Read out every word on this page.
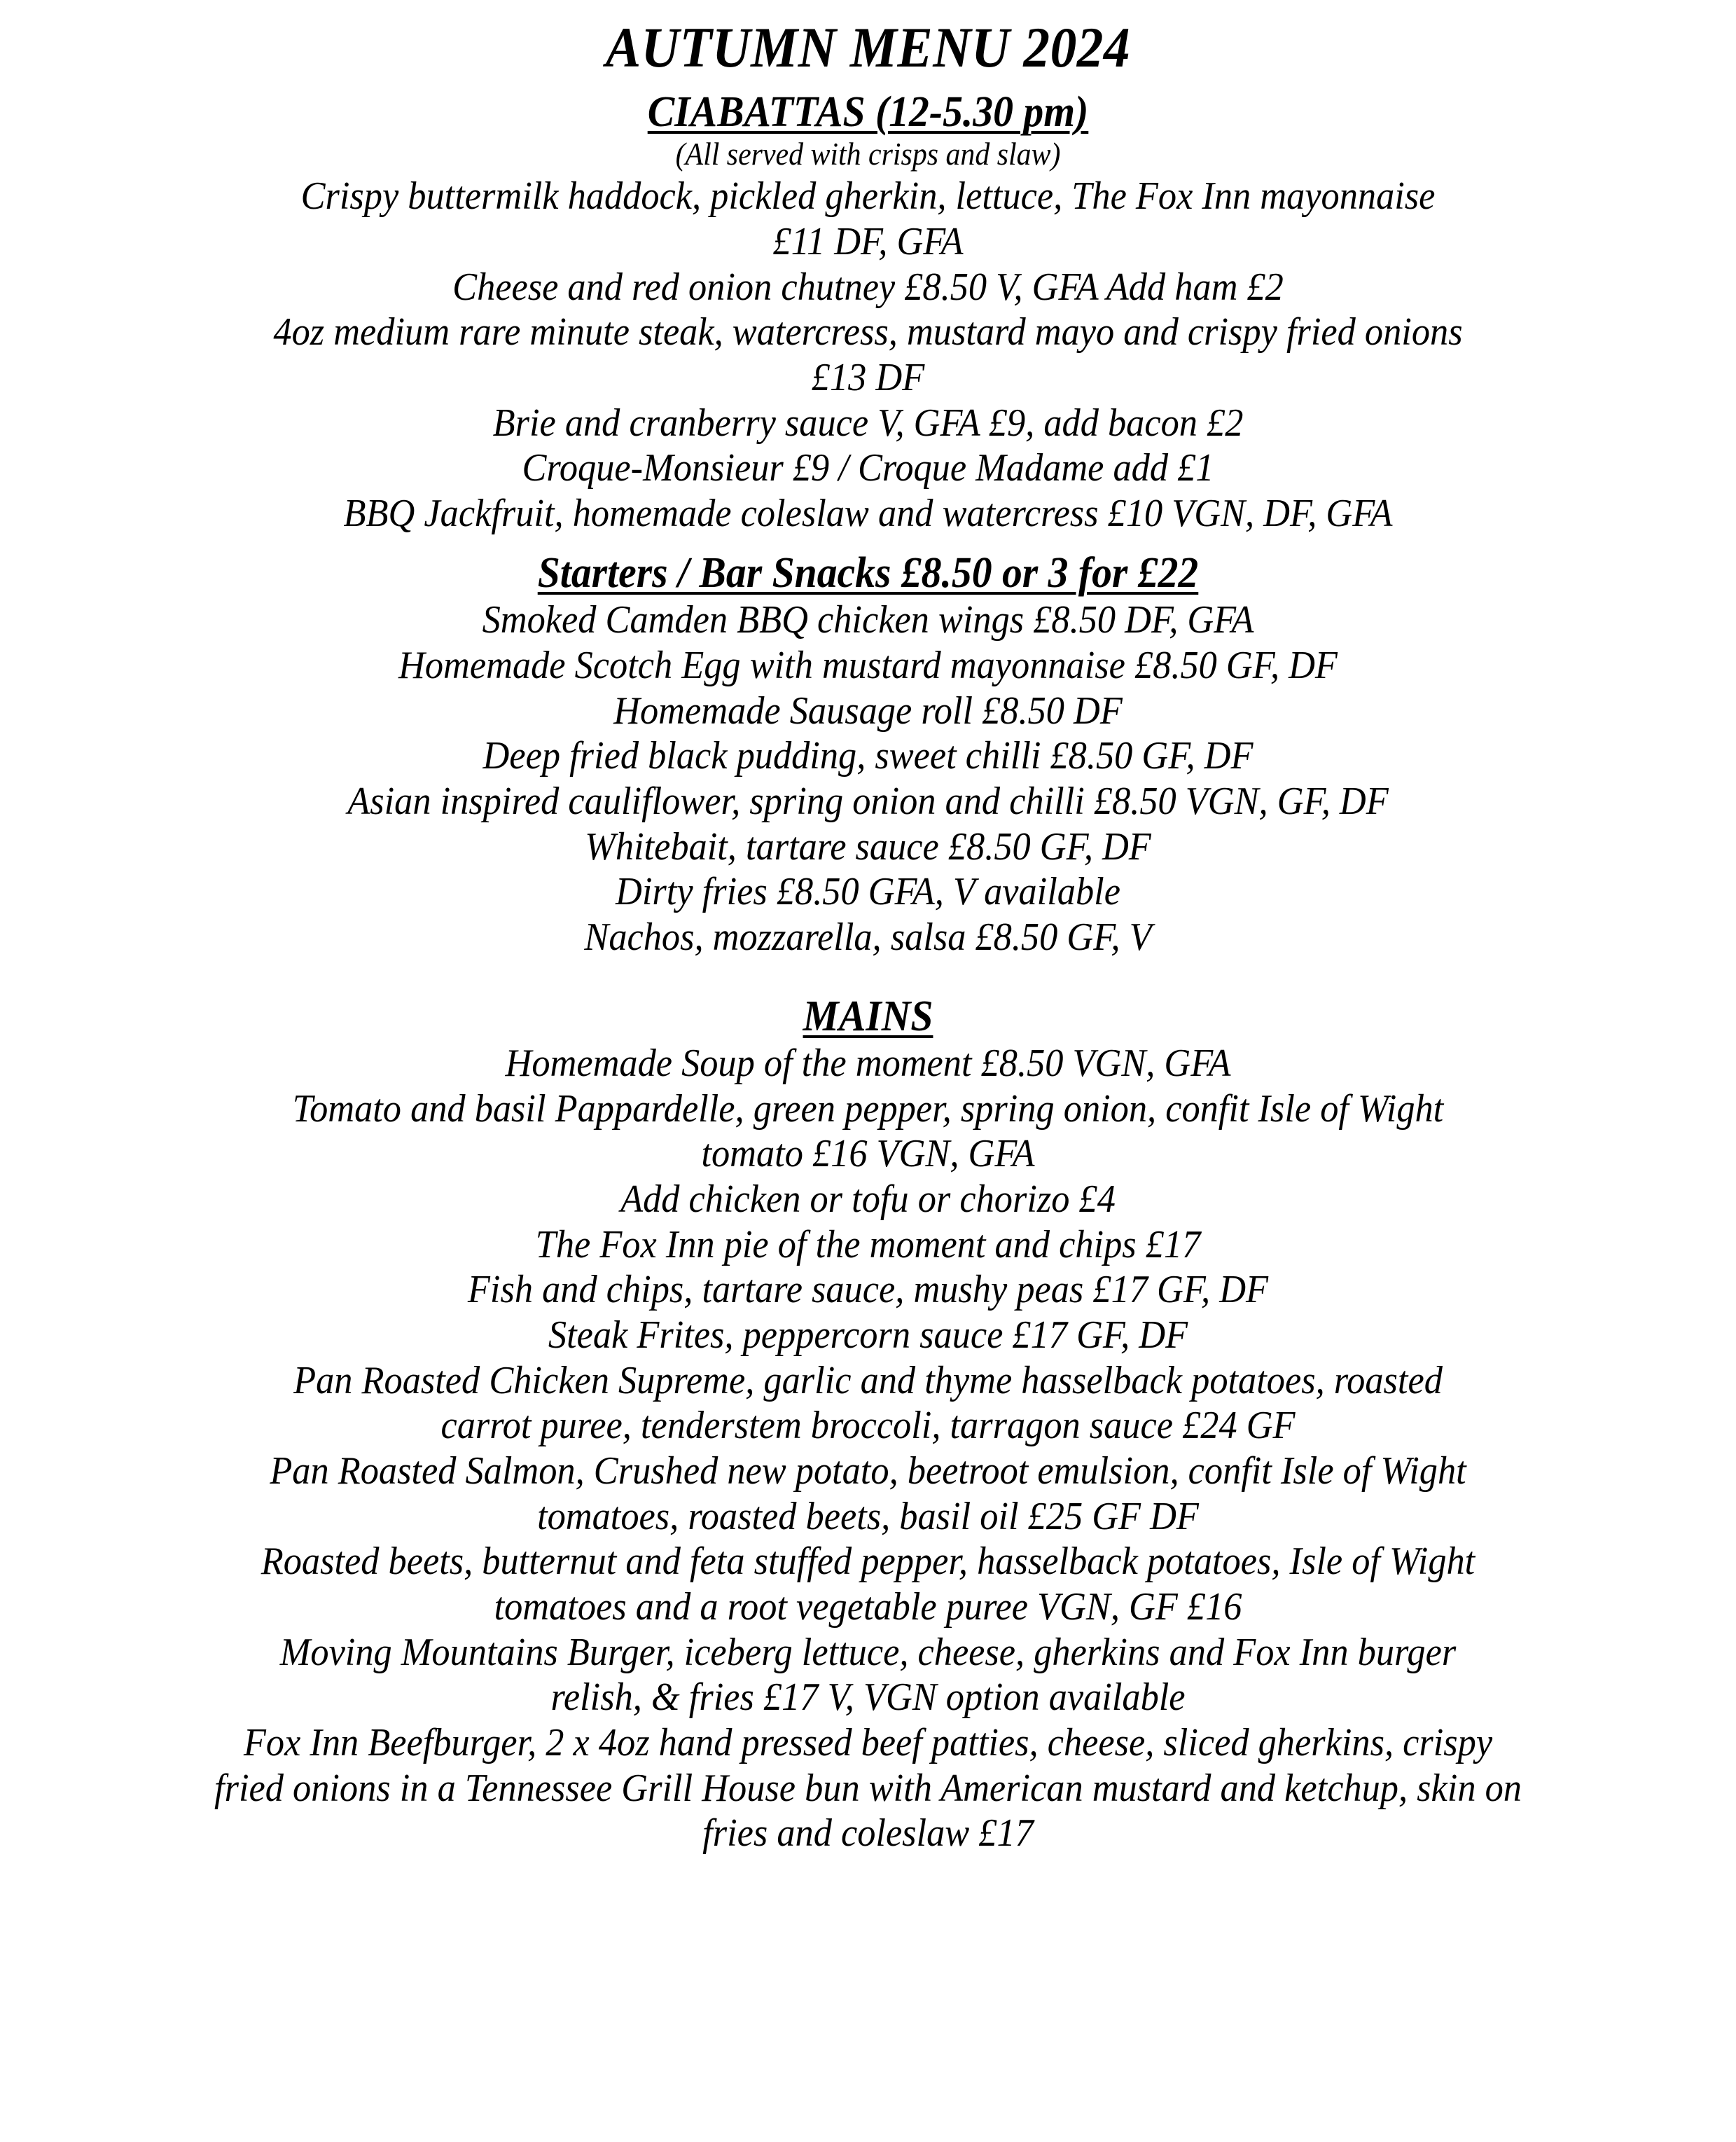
AUTUMN MENU 2024
CIABATTAS (12-5.30 pm)
(All served with crisps and slaw)
Crispy buttermilk haddock, pickled gherkin, lettuce, The Fox Inn mayonnaise
£11 DF, GFA
Cheese and red onion chutney £8.50 V, GFA Add ham £2
4oz medium rare minute steak, watercress, mustard mayo and crispy fried onions
£13 DF
Brie and cranberry sauce V, GFA £9, add bacon £2
Croque-Monsieur £9 / Croque Madame add £1
BBQ Jackfruit, homemade coleslaw and watercress £10 VGN, DF, GFA
Starters / Bar Snacks £8.50 or 3 for £22
Smoked Camden BBQ chicken wings £8.50 DF, GFA
Homemade Scotch Egg with mustard mayonnaise £8.50 GF, DF
Homemade Sausage roll £8.50 DF
Deep fried black pudding, sweet chilli £8.50 GF, DF
Asian inspired cauliflower, spring onion and chilli £8.50 VGN, GF, DF
Whitebait, tartare sauce £8.50 GF, DF
Dirty fries £8.50 GFA, V available
Nachos, mozzarella, salsa £8.50 GF, V
MAINS
Homemade Soup of the moment £8.50 VGN, GFA
Tomato and basil Pappardelle, green pepper, spring onion, confit Isle of Wight
tomato £16 VGN, GFA
Add chicken or tofu or chorizo £4
The Fox Inn pie of the moment and chips £17
Fish and chips, tartare sauce, mushy peas £17 GF, DF
Steak Frites, peppercorn sauce £17 GF, DF
Pan Roasted Chicken Supreme, garlic and thyme hasselback potatoes, roasted
carrot puree, tenderstem broccoli, tarragon sauce £24 GF
Pan Roasted Salmon, Crushed new potato, beetroot emulsion, confit Isle of Wight
tomatoes, roasted beets, basil oil £25 GF DF
Roasted beets, butternut and feta stuffed pepper, hasselback potatoes, Isle of Wight
tomatoes and a root vegetable puree VGN, GF £16
Moving Mountains Burger, iceberg lettuce, cheese, gherkins and Fox Inn burger
relish, & fries £17 V, VGN option available
Fox Inn Beefburger, 2 x 4oz hand pressed beef patties, cheese, sliced gherkins, crispy
fried onions in a Tennessee Grill House bun with American mustard and ketchup, skin on
fries and coleslaw £17
